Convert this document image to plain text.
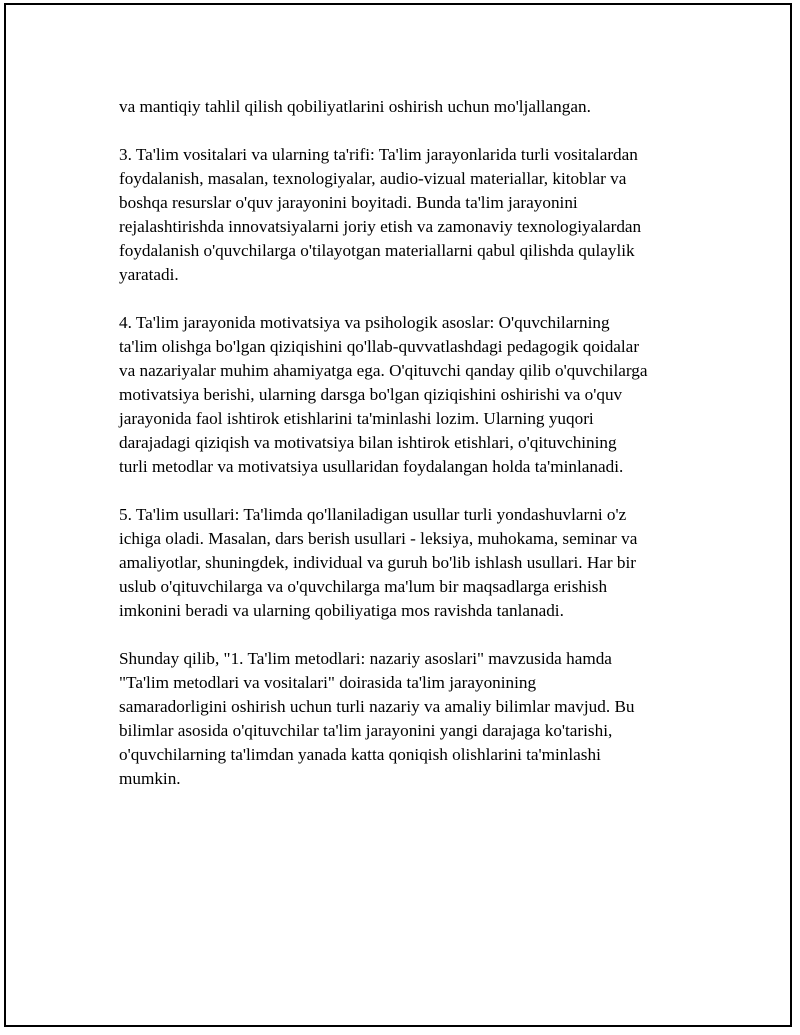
va mantiqiy tahlil qilish qobiliyatlarini oshirish uchun mo'ljallangan.

3. Ta'lim vositalari va ularning ta'rifi: Ta'lim jarayonlarida turli vositalardan
foydalanish, masalan, texnologiyalar, audio-vizual materiallar, kitoblar va
boshqa resurslar o'quv jarayonini boyitadi. Bunda ta'lim jarayonini
rejalashtirishda innovatsiyalarni joriy etish va zamonaviy texnologiyalardan
foydalanish o'quvchilarga o'tilayotgan materiallarni qabul qilishda qulaylik
yaratadi.

4. Ta'lim jarayonida motivatsiya va psihologik asoslar: O'quvchilarning
ta'lim olishga bo'lgan qiziqishini qo'llab-quvvatlashdagi pedagogik qoidalar
va nazariyalar muhim ahamiyatga ega. O'qituvchi qanday qilib o'quvchilarga
motivatsiya berishi, ularning darsga bo'lgan qiziqishini oshirishi va o'quv
jarayonida faol ishtirok etishlarini ta'minlashi lozim. Ularning yuqori
darajadagi qiziqish va motivatsiya bilan ishtirok etishlari, o'qituvchining
turli metodlar va motivatsiya usullaridan foydalangan holda ta'minlanadi.

5. Ta'lim usullari: Ta'limda qo'llaniladigan usullar turli yondashuvlarni o'z
ichiga oladi. Masalan, dars berish usullari - leksiya, muhokama, seminar va
amaliyotlar, shuningdek, individual va guruh bo'lib ishlash usullari. Har bir
uslub o'qituvchilarga va o'quvchilarga ma'lum bir maqsadlarga erishish
imkonini beradi va ularning qobiliyatiga mos ravishda tanlanadi.

Shunday qilib, "1. Ta'lim metodlari: nazariy asoslari" mavzusida hamda
"Ta'lim metodlari va vositalari" doirasida ta'lim jarayonining
samaradorligini oshirish uchun turli nazariy va amaliy bilimlar mavjud. Bu
bilimlar asosida o'qituvchilar ta'lim jarayonini yangi darajaga ko'tarishi,
o'quvchilarning ta'limdan yanada katta qoniqish olishlarini ta'minlashi
mumkin.
